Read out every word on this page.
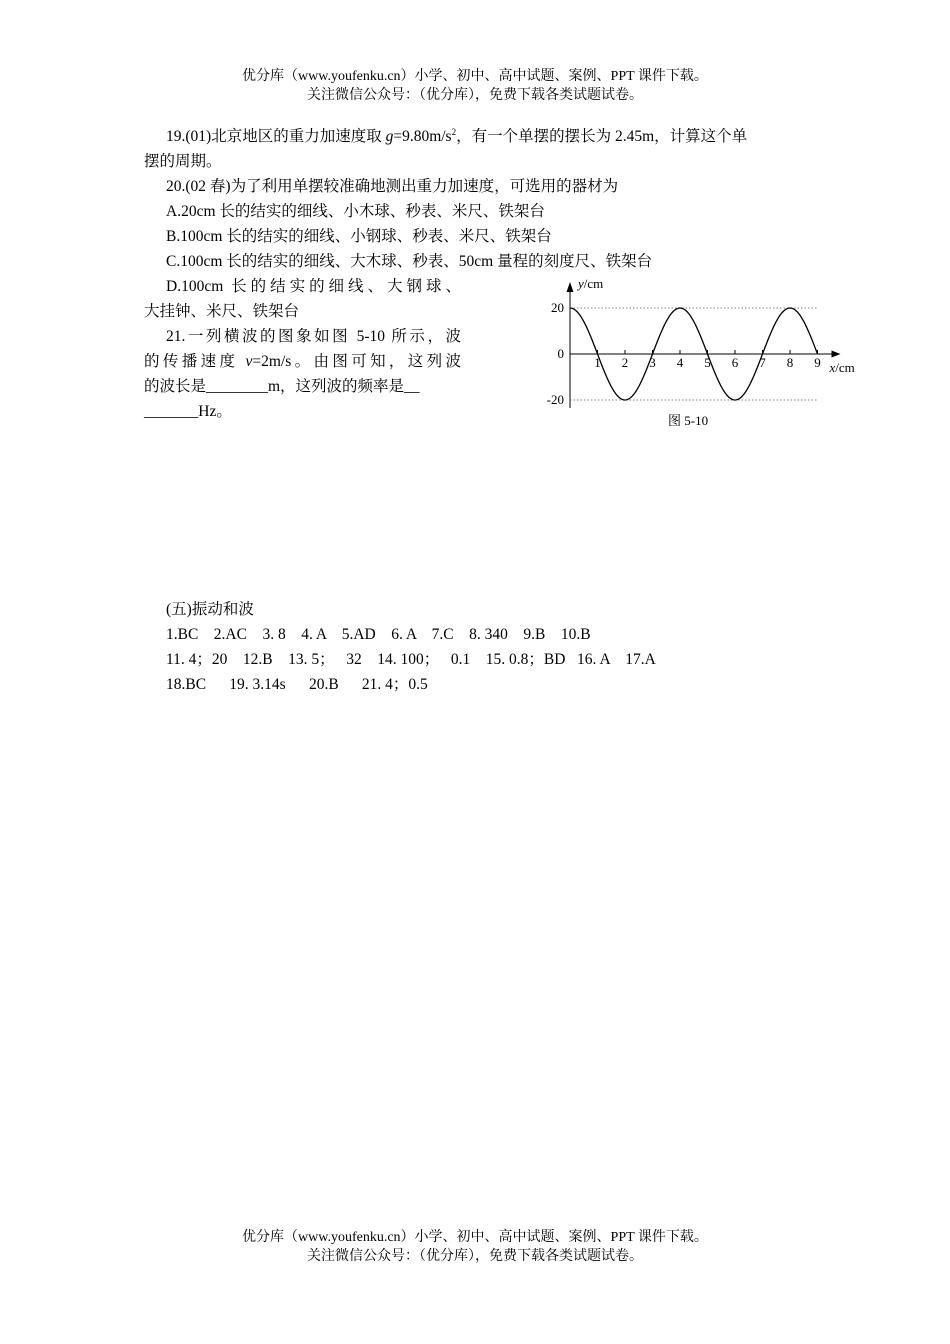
优分库（www.youfenku.cn）小学、初中、高中试题、案例、PPT 课件下载。
关注微信公众号：（优分库），免费下载各类试题试卷。
19.(01)北京地区的重力加速度取 $g=9.80m/s^2$，有一个单摆的摆长为 2.45m，计算这个单
摆的周期。
20.(02 春)为了利用单摆较准确地测出重力加速度，可选用的器材为
A.20cm 长的结实的细线、小木球、秒表、米尺、铁架台
B.100cm 长的结实的细线、小钢球、秒表、米尺、铁架台
C.100cm 长的结实的细线、大木球、秒表、50cm 量程的刻度尺、铁架台
D.100cm 长的结实的细线、大钢球、
大挂钟、米尺、铁架台
21.一列横波的图象如图 5-10 所示，波
的传播速度 v=2m/s。由图可知，这列波
的波长是________m，这列波的频率是__
_______Hz。
20
0
-20
1 2 3 4 5 6 7 8 9
y/cm
x/cm
图 5-10
(五)振动和波
1.BC    2.AC    3. 8    4. A    5.AD    6. A    7.C    8. 340    9.B    10.B
11. 4；20    12.B    13. 5；   32    14. 100；   0.1    15. 0.8；BD   16. A    17.A
18.BC      19. 3.14s      20.B      21. 4；0.5
优分库（www.youfenku.cn）小学、初中、高中试题、案例、PPT 课件下载。
关注微信公众号：（优分库），免费下载各类试题试卷。
